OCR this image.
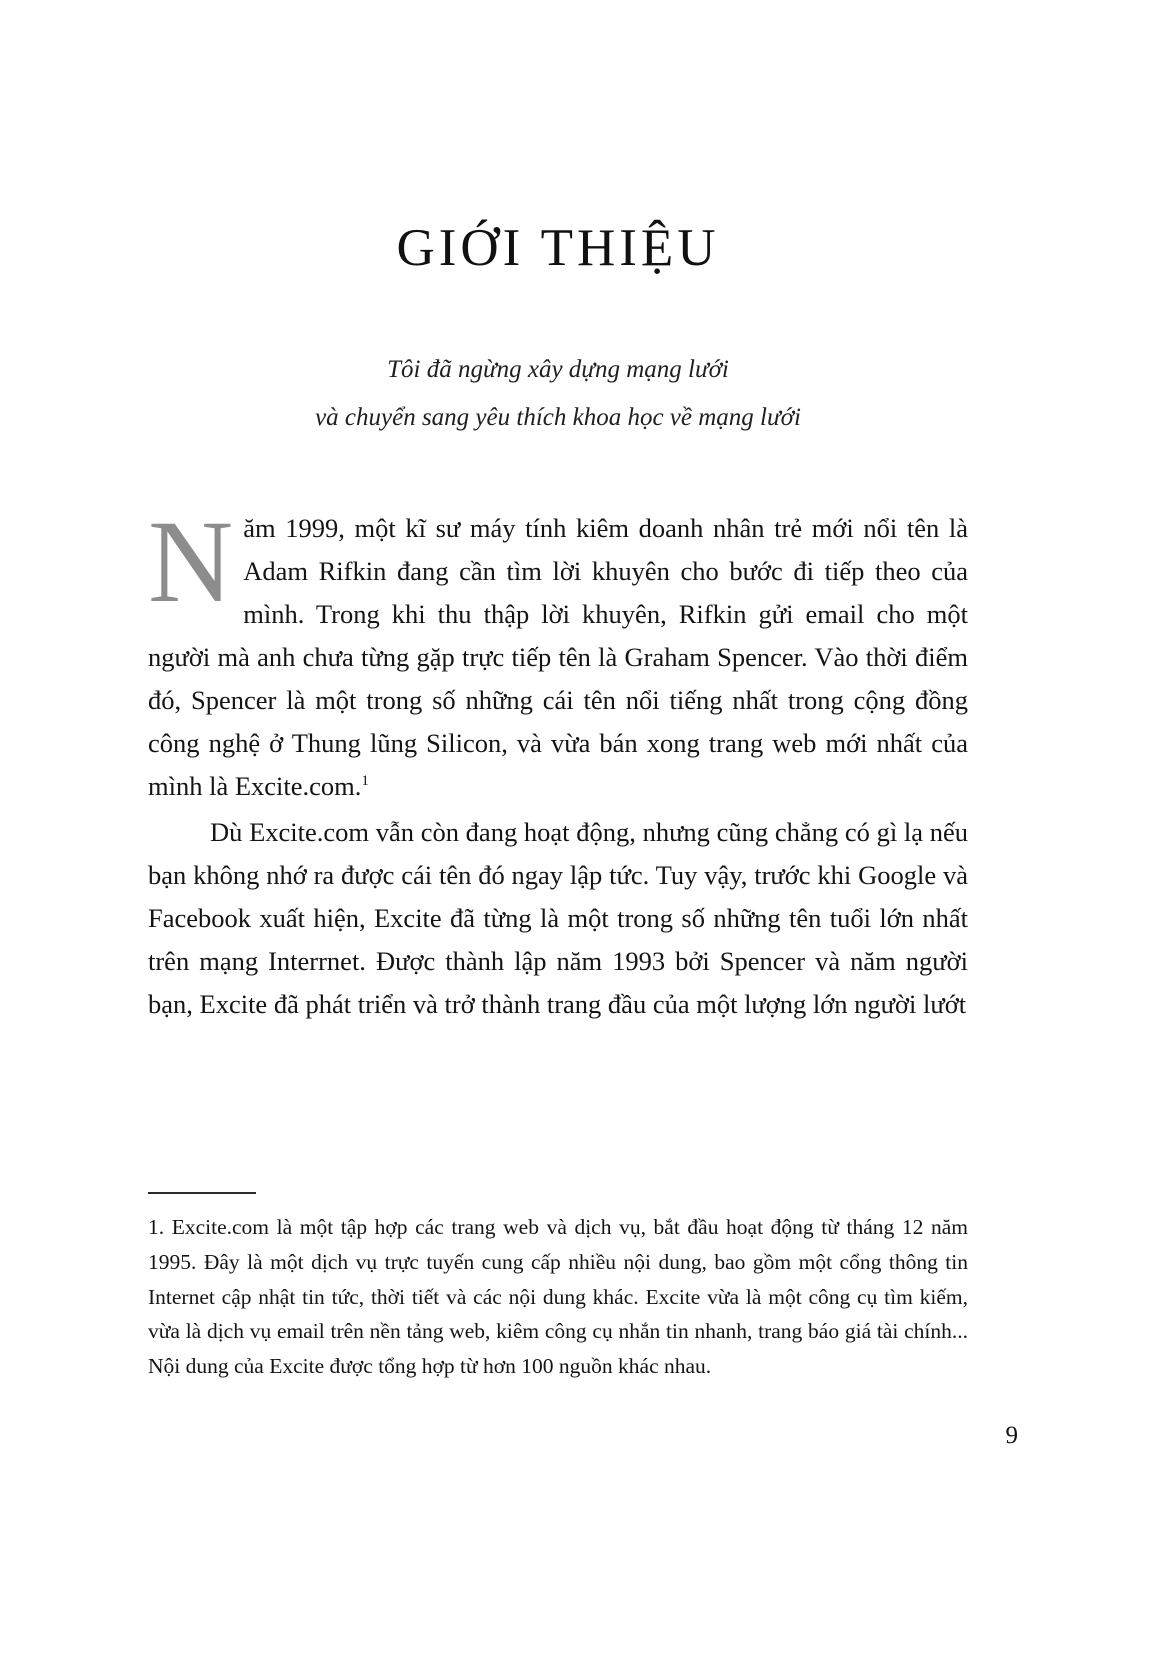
GIỚI THIỆU
Tôi đã ngừng xây dựng mạng lưới
và chuyển sang yêu thích khoa học về mạng lưới

Năm 1999, một kĩ sư máy tính kiêm doanh nhân trẻ mới nổi tên là Adam Rifkin đang cần tìm lời khuyên cho bước đi tiếp theo của mình. Trong khi thu thập lời khuyên, Rifkin gửi email cho một người mà anh chưa từng gặp trực tiếp tên là Graham Spencer. Vào thời điểm đó, Spencer là một trong số những cái tên nổi tiếng nhất trong cộng đồng công nghệ ở Thung lũng Silicon, và vừa bán xong trang web mới nhất của mình là Excite.com.$^1$

Dù Excite.com vẫn còn đang hoạt động, nhưng cũng chẳng có gì lạ nếu bạn không nhớ ra được cái tên đó ngay lập tức. Tuy vậy, trước khi Google và Facebook xuất hiện, Excite đã từng là một trong số những tên tuổi lớn nhất trên mạng Interrnet. Được thành lập năm 1993 bởi Spencer và năm người bạn, Excite đã phát triển và trở thành trang đầu của một lượng lớn người lướt

1. Excite.com là một tập hợp các trang web và dịch vụ, bắt đầu hoạt động từ tháng 12 năm 1995. Đây là một dịch vụ trực tuyến cung cấp nhiều nội dung, bao gồm một cổng thông tin Internet cập nhật tin tức, thời tiết và các nội dung khác. Excite vừa là một công cụ tìm kiếm, vừa là dịch vụ email trên nền tảng web, kiêm công cụ nhắn tin nhanh, trang báo giá tài chính... Nội dung của Excite được tổng hợp từ hơn 100 nguồn khác nhau.

9
